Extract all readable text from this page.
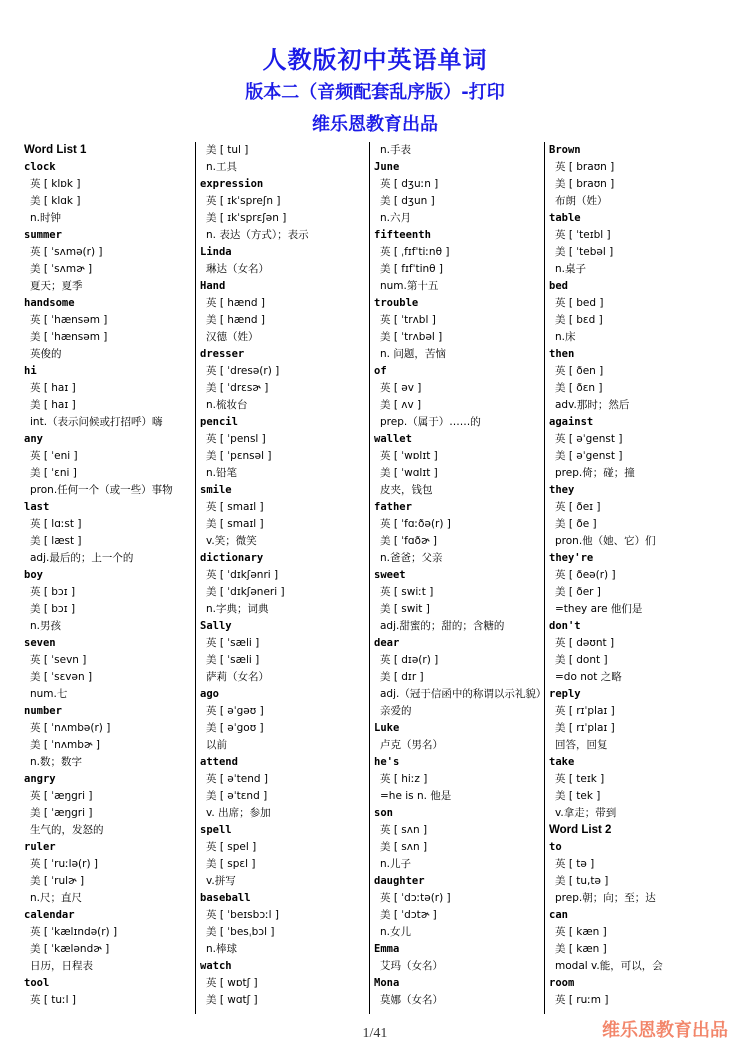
人教版初中英语单词
版本二（音频配套乱序版）-打印
维乐恩教育出品
Word List 1
clock
英 [ klɒk ]
美 [ klɑk ]
n.时钟
summer
英 [ ˈsʌmə(r) ]
美 [ ˈsʌmɚ ]
夏天；夏季
handsome
英 [ ˈhænsəm ]
美 [ ˈhænsəm ]
英俊的
hi
英 [ haɪ ]
美 [ haɪ ]
int.（表示问候或打招呼）嗨
any
英 [ ˈeni ]
美 [ ˈɛni ]
pron.任何一个（或一些）事物
last
英 [ lɑːst ]
美 [ læst ]
adj.最后的；上一个的
boy
英 [ bɔɪ ]
美 [ bɔɪ ]
n.男孩
seven
英 [ ˈsevn ]
美 [ ˈsɛvən ]
num.七
number
英 [ ˈnʌmbə(r) ]
美 [ ˈnʌmbɚ ]
n.数；数字
angry
英 [ ˈæŋgri ]
美 [ ˈæŋgri ]
生气的，发怒的
ruler
英 [ ˈruːlə(r) ]
美 [ ˈrulɚ ]
n.尺；直尺
calendar
英 [ ˈkælɪndə(r) ]
美 [ ˈkæləndɚ ]
日历，日程表
tool
英 [ tuːl ]
美 [ tul ]
n.工具
expression
英 [ ɪkˈspreʃn ]
美 [ ɪkˈsprɛʃən ]
n. 表达（方式）；表示
Linda
琳达（女名）
Hand
英 [ hænd ]
美 [ hænd ]
汉德（姓）
dresser
英 [ ˈdresə(r) ]
美 [ ˈdrɛsɚ ]
n.梳妆台
pencil
英 [ ˈpensl ]
美 [ ˈpɛnsəl ]
n.铅笔
smile
英 [ smaɪl ]
美 [ smaɪl ]
v.笑；微笑
dictionary
英 [ ˈdɪkʃənri ]
美 [ ˈdɪkʃəneri ]
n.字典；词典
Sally
英 [ ˈsæli ]
美 [ ˈsæli ]
萨莉（女名）
ago
英 [ əˈgəʊ ]
美 [ əˈgoʊ ]
以前
attend
英 [ əˈtend ]
美 [ əˈtɛnd ]
v. 出席；参加
spell
英 [ spel ]
美 [ spɛl ]
v.拼写
baseball
英 [ ˈbeɪsbɔːl ]
美 [ ˈbesˌbɔl ]
n.棒球
watch
英 [ wɒtʃ ]
美 [ wɑtʃ ]
n.手表
June
英 [ dʒuːn ]
美 [ dʒun ]
n.六月
fifteenth
英 [ ˌfɪfˈtiːnθ ]
美 [ fɪfˈtinθ ]
num.第十五
trouble
英 [ ˈtrʌbl ]
美 [ ˈtrʌbəl ]
n. 问题，苦恼
of
英 [ əv ]
美 [ ʌv ]
prep.（属于）……的
wallet
英 [ ˈwɒlɪt ]
美 [ ˈwɑlɪt ]
皮夹，钱包
father
英 [ ˈfɑːðə(r) ]
美 [ ˈfɑðɚ ]
n.爸爸；父亲
sweet
英 [ swiːt ]
美 [ swit ]
adj.甜蜜的；甜的；含糖的
dear
英 [ dɪə(r) ]
美 [ dɪr ]
adj.（冠于信函中的称谓以示礼貌）亲爱的
Luke
卢克（男名）
he's
英 [ hiːz ]
=he is n. 他是
son
英 [ sʌn ]
美 [ sʌn ]
n.儿子
daughter
英 [ ˈdɔːtə(r) ]
美 [ ˈdɔtɚ ]
n.女儿
Emma
艾玛（女名）
Mona
莫娜（女名）
Brown
英 [ braʊn ]
美 [ braʊn ]
布朗（姓）
table
英 [ ˈteɪbl ]
美 [ ˈtebəl ]
n.桌子
bed
英 [ bed ]
美 [ bɛd ]
n.床
then
英 [ ðen ]
美 [ ðɛn ]
adv.那时；然后
against
英 [ əˈgenst ]
美 [ əˈgenst ]
prep.倚；碰；撞
they
英 [ ðeɪ ]
美 [ ðe ]
pron.他（她、它）们
they're
英 [ ðeə(r) ]
美 [ ðer ]
=they are 他们是
don't
英 [ dəʊnt ]
美 [ dont ]
=do not 之略
reply
英 [ rɪˈplaɪ ]
美 [ rɪˈplaɪ ]
回答，回复
take
英 [ teɪk ]
美 [ tek ]
v.拿走；带到
Word List 2
to
英 [ tə ]
美 [ tu,tə ]
prep.朝；向；至；达
can
英 [ kæn ]
美 [ kæn ]
modal v.能，可以，会
room
英 [ ruːm ]
1/41	维乐恩教育出品
